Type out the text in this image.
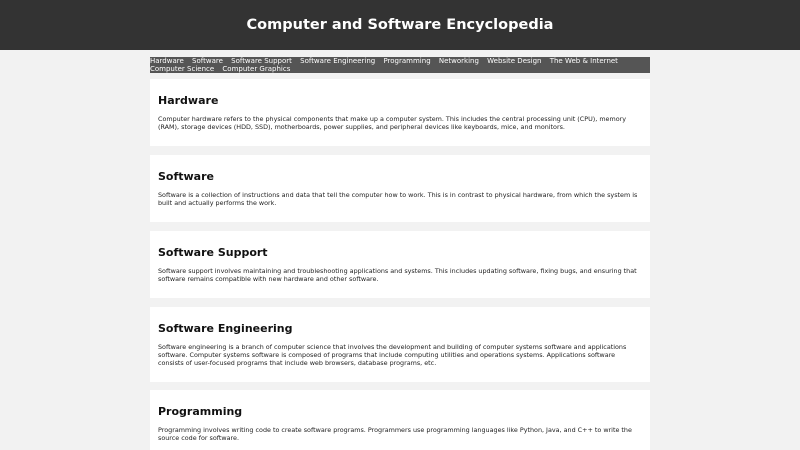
Computer and Software Encyclopedia
Hardware Software Software Support Software Engineering Programming Networking Website Design The Web & Internet Computer Science Computer Graphics
Hardware

Computer hardware refers to the physical components that make up a computer system. This includes the central processing unit (CPU), memory (RAM), storage devices (HDD, SSD), motherboards, power supplies, and peripheral devices like keyboards, mice, and monitors.

Software

Software is a collection of instructions and data that tell the computer how to work. This is in contrast to physical hardware, from which the system is built and actually performs the work.

Software Support

Software support involves maintaining and troubleshooting applications and systems. This includes updating software, fixing bugs, and ensuring that software remains compatible with new hardware and other software.

Software Engineering

Software engineering is a branch of computer science that involves the development and building of computer systems software and applications software. Computer systems software is composed of programs that include computing utilities and operations systems. Applications software consists of user-focused programs that include web browsers, database programs, etc.

Programming

Programming involves writing code to create software programs. Programmers use programming languages like Python, Java, and C++ to write the source code for software.
